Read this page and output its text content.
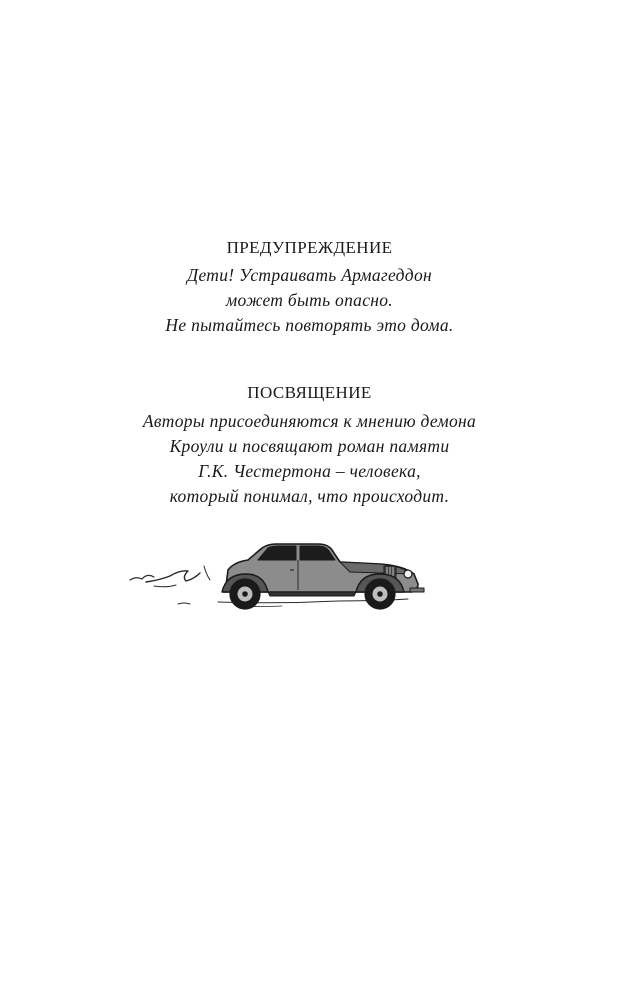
ПРЕДУПРЕЖДЕНИЕ
Дети! Устраивать Армагеддон
может быть опасно.
Не пытайтесь повторять это дома.
ПОСВЯЩЕНИЕ
Авторы присоединяются к мнению демона
Кроули и посвящают роман памяти
Г.К. Честертона – человека,
который понимал, что происходит.
